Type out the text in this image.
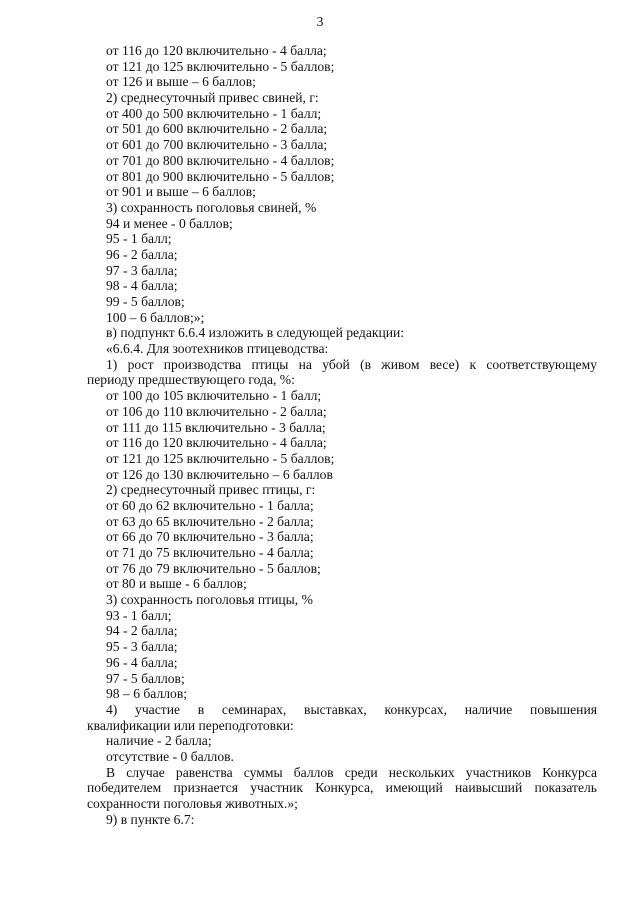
3
от 116 до 120 включительно - 4 балла;
от 121 до 125 включительно - 5 баллов;
от 126 и выше – 6 баллов;
2) среднесуточный привес свиней, г:
от 400 до 500 включительно - 1 балл;
от 501 до 600 включительно - 2 балла;
от 601 до 700 включительно - 3 балла;
от 701 до 800 включительно - 4 баллов;
от 801 до 900 включительно - 5 баллов;
от 901 и выше – 6 баллов;
3) сохранность поголовья свиней, %
94 и менее - 0 баллов;
95 - 1 балл;
96 - 2 балла;
97 - 3 балла;
98 - 4 балла;
99 - 5 баллов;
100 – 6 баллов;»;
в) подпункт 6.6.4 изложить в следующей редакции:
«6.6.4. Для зоотехников птицеводства:
1) рост производства птицы на убой (в живом весе) к соответствующему
периоду предшествующего года, %:
от 100 до 105 включительно - 1 балл;
от 106 до 110 включительно - 2 балла;
от 111 до 115 включительно - 3 балла;
от 116 до 120 включительно - 4 балла;
от 121 до 125 включительно - 5 баллов;
от 126 до 130 включительно – 6 баллов
2) среднесуточный привес птицы, г:
от 60 до 62 включительно - 1 балла;
от 63 до 65 включительно - 2 балла;
от 66 до 70 включительно - 3 балла;
от 71 до 75 включительно - 4 балла;
от 76 до 79 включительно - 5 баллов;
от 80 и выше - 6 баллов;
3) сохранность поголовья птицы, %
93 - 1 балл;
94 - 2 балла;
95 - 3 балла;
96 - 4 балла;
97 - 5 баллов;
98 – 6 баллов;
4) участие в семинарах, выставках, конкурсах, наличие повышения
квалификации или переподготовки:
наличие - 2 балла;
отсутствие - 0 баллов.
В случае равенства суммы баллов среди нескольких участников Конкурса
победителем признается участник Конкурса, имеющий наивысший показатель
сохранности поголовья животных.»;
9) в пункте 6.7:
